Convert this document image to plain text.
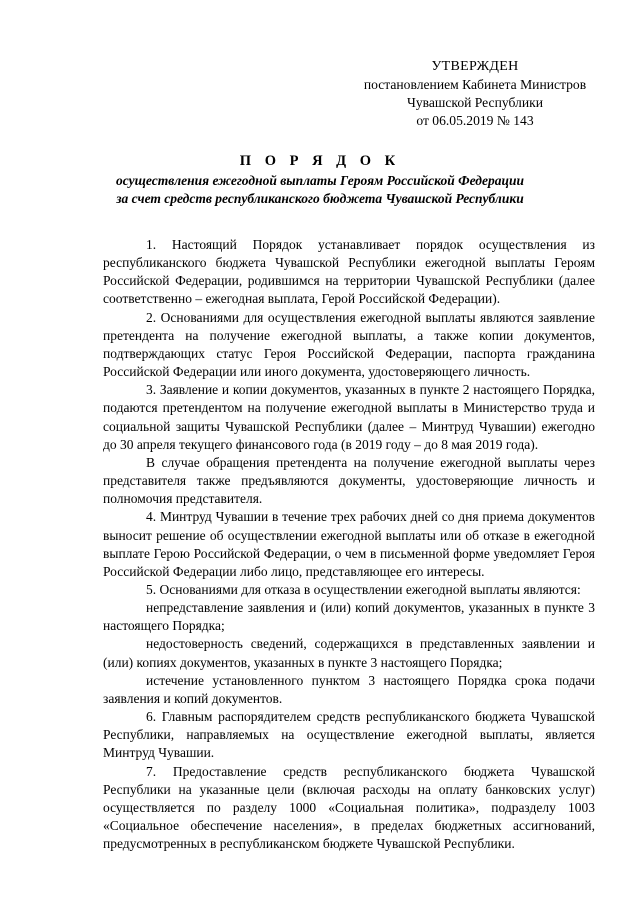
УТВЕРЖДЕН
постановлением Кабинета Министров
Чувашской Республики
от 06.05.2019 № 143
П О Р Я Д О К
осуществления ежегодной выплаты Героям Российской Федерации
за счет средств республиканского бюджета Чувашской Республики

1. Настоящий Порядок устанавливает порядок осуществления из республиканского бюджета Чувашской Республики ежегодной выплаты Героям Российской Федерации, родившимся на территории Чувашской Республики (далее соответственно – ежегодная выплата, Герой Российской Федерации).

2. Основаниями для осуществления ежегодной выплаты являются заявление претендента на получение ежегодной выплаты, а также копии документов, подтверждающих статус Героя Российской Федерации, паспорта гражданина Российской Федерации или иного документа, удостоверяющего личность.

3. Заявление и копии документов, указанных в пункте 2 настоящего Порядка, подаются претендентом на получение ежегодной выплаты в Министерство труда и социальной защиты Чувашской Республики (далее – Минтруд Чувашии) ежегодно до 30 апреля текущего финансового года (в 2019 году – до 8 мая 2019 года).

В случае обращения претендента на получение ежегодной выплаты через представителя также предъявляются документы, удостоверяющие личность и полномочия представителя.

4. Минтруд Чувашии в течение трех рабочих дней со дня приема документов выносит решение об осуществлении ежегодной выплаты или об отказе в ежегодной выплате Герою Российской Федерации, о чем в письменной форме уведомляет Героя Российской Федерации либо лицо, представляющее его интересы.

5. Основаниями для отказа в осуществлении ежегодной выплаты являются:

непредставление заявления и (или) копий документов, указанных в пункте 3 настоящего Порядка;

недостоверность сведений, содержащихся в представленных заявлении и (или) копиях документов, указанных в пункте 3 настоящего Порядка;

истечение установленного пунктом 3 настоящего Порядка срока подачи заявления и копий документов.

6. Главным распорядителем средств республиканского бюджета Чувашской Республики, направляемых на осуществление ежегодной выплаты, является Минтруд Чувашии.

7. Предоставление средств республиканского бюджета Чувашской Республики на указанные цели (включая расходы на оплату банковских услуг) осуществляется по разделу 1000 «Социальная политика», подразделу 1003 «Социальное обеспечение населения», в пределах бюджетных ассигнований, предусмотренных в республиканском бюджете Чувашской Республики.
